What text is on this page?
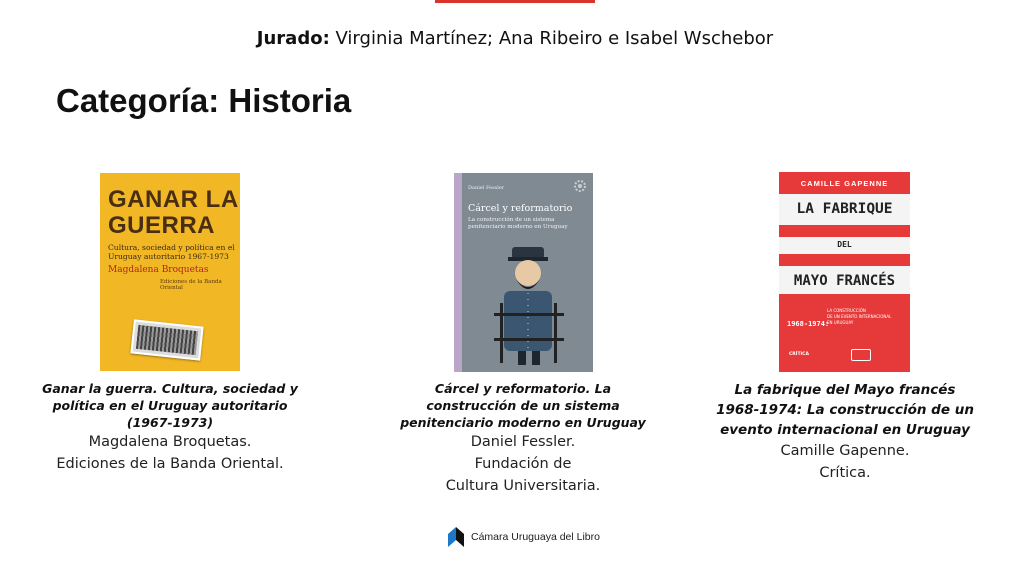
Jurado: Virginia Martínez; Ana Ribeiro e Isabel Wschebor
Categoría: Historia
GANAR LA
GUERRA
Cultura, sociedad y política en el
Uruguay autoritario 1967-1973
Magdalena Broquetas
Ediciones de la Banda Oriental
Daniel Fessler
Cárcel y reformatorio
La construcción de un sistema
penitenciario moderno en Uruguay
CAMILLE GAPENNE
LA FABRIQUE
DEL
MAYO FRANCÉS
1968-1974:
LA CONSTRUCCIÓN
DE UN EVENTO INTERNACIONAL
EN URUGUAY
CRÍTICA
Ganar la guerra. Cultura, sociedad y
política en el Uruguay autoritario
(1967-1973)
Magdalena Broquetas.
Ediciones de la Banda Oriental.
Cárcel y reformatorio. La
construcción de un sistema
penitenciario moderno en Uruguay
Daniel Fessler.
Fundación de
Cultura Universitaria.
La fabrique del Mayo francés
1968-1974: La construcción de un
evento internacional en Uruguay
Camille Gapenne.
Crítica.
Cámara Uruguaya del Libro
